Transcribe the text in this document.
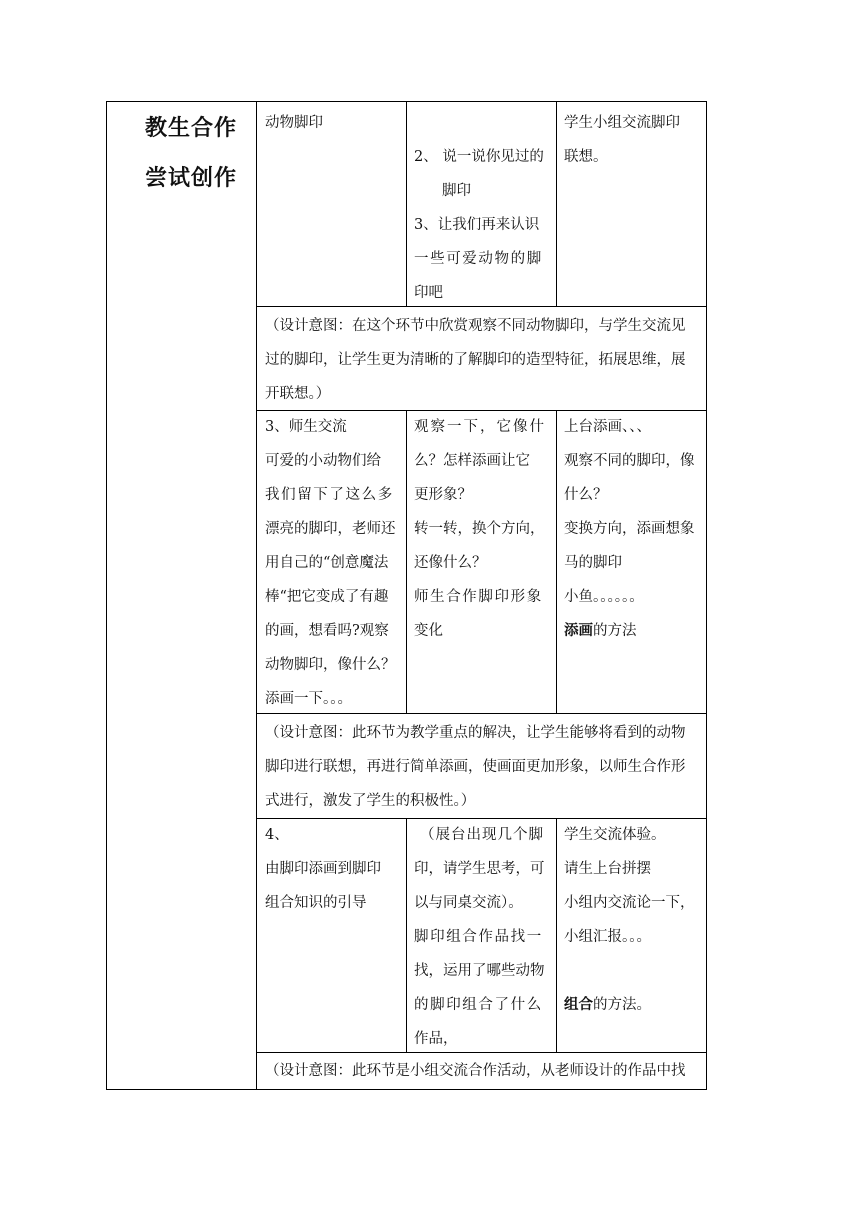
教生合作
尝试创作
动物脚印
2、 说一说你见过的
脚印
3、让我们再来认识
一些可爱动物的脚
印吧
学生小组交流脚印
联想。
（设计意图：在这个环节中欣赏观察不同动物脚印，与学生交流见
过的脚印，让学生更为清晰的了解脚印的造型特征，拓展思维，展
开联想。）
3、师生交流
可爱的小动物们给
我们留下了这么多
漂亮的脚印，老师还
用自己的“创意魔法
棒“把它变成了有趣
的画，想看吗?观察
动物脚印，像什么？
添画一下。。。
观察一下，它像什
么？怎样添画让它
更形象？
转一转，换个方向，
还像什么？
师生合作脚印形象
变化
上台添画、、、
观察不同的脚印，像
什么？
变换方向，添画想象
马的脚印
小鱼。。。。。。
添画的方法
（设计意图：此环节为教学重点的解决，让学生能够将看到的动物
脚印进行联想，再进行简单添画，使画面更加形象，以师生合作形
式进行，激发了学生的积极性。）
4、
由脚印添画到脚印
组合知识的引导
（展台出现几个脚
印，请学生思考，可
以与同桌交流）。
脚印组合作品找一
找，运用了哪些动物
的脚印组合了什么
作品，
学生交流体验。
请生上台拼摆
小组内交流论一下，
小组汇报。。。

组合的方法。
（设计意图：此环节是小组交流合作活动，从老师设计的作品中找
